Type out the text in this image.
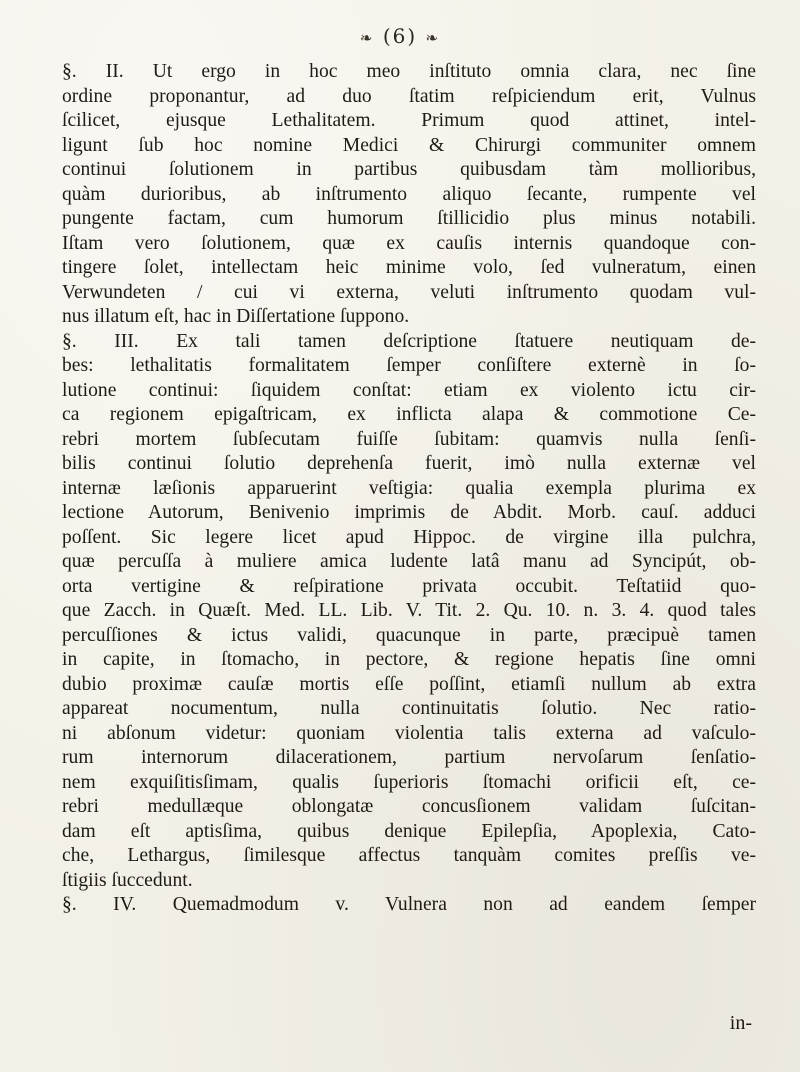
❧ (6) ❧
§. II. Ut ergo in hoc meo inſtituto omnia clara, nec ſine
ordine proponantur, ad duo ſtatim reſpiciendum erit, Vulnus
ſcilicet, ejusque Lethalitatem. Primum quod attinet, intel-
ligunt ſub hoc nomine Medici & Chirurgi communiter omnem
continui ſolutionem in partibus quibusdam tàm mollioribus,
quàm durioribus, ab inſtrumento aliquo ſecante, rumpente vel
pungente factam, cum humorum ſtillicidio plus minus notabili.
Iſtam vero ſolutionem, quæ ex cauſis internis quandoque con-
tingere ſolet, intellectam heic minime volo, ſed vulneratum, einen
Verwundeten / cui vi externa, veluti inſtrumento quodam vul-
nus illatum eſt, hac in Diſſertatione ſuppono.
§. III. Ex tali tamen deſcriptione ſtatuere neutiquam de-
bes: lethalitatis formalitatem ſemper conſiſtere externè in ſo-
lutione continui: ſiquidem conſtat: etiam ex violento ictu cir-
ca regionem epigaſtricam, ex inflicta alapa & commotione Ce-
rebri mortem ſubſecutam fuiſſe ſubitam: quamvis nulla ſenſi-
bilis continui ſolutio deprehenſa fuerit, imò nulla externæ vel
internæ læſionis apparuerint veſtigia: qualia exempla plurima ex
lectione Autorum, Benivenio imprimis de Abdit. Morb. cauſ. adduci
poſſent. Sic legere licet apud Hippoc. de virgine illa pulchra,
quæ percuſſa à muliere amica ludente latâ manu ad Syncipút, ob-
orta vertigine & reſpiratione privata occubit. Teſtatiid quo-
que Zacch. in Quæſt. Med. LL. Lib. V. Tit. 2. Qu. 10. n. 3. 4. quod tales
percuſſiones & ictus validi, quacunque in parte, præcipuè tamen
in capite, in ſtomacho, in pectore, & regione hepatis ſine omni
dubio proximæ cauſæ mortis eſſe poſſint, etiamſi nullum ab extra
appareat nocumentum, nulla continuitatis ſolutio. Nec ratio-
ni abſonum videtur: quoniam violentia talis externa ad vaſculo-
rum internorum dilacerationem, partium nervoſarum ſenſatio-
nem exquiſitisſimam, qualis ſuperioris ſtomachi orificii eſt, ce-
rebri medullæque oblongatæ concusſionem validam ſuſcitan-
dam eſt aptisſima, quibus denique Epilepſia, Apoplexia, Cato-
che, Lethargus, ſimilesque affectus tanquàm comites preſſis ve-
ſtigiis ſuccedunt.
§. IV. Quemadmodum v. Vulnera non ad eandem ſemper
in-
